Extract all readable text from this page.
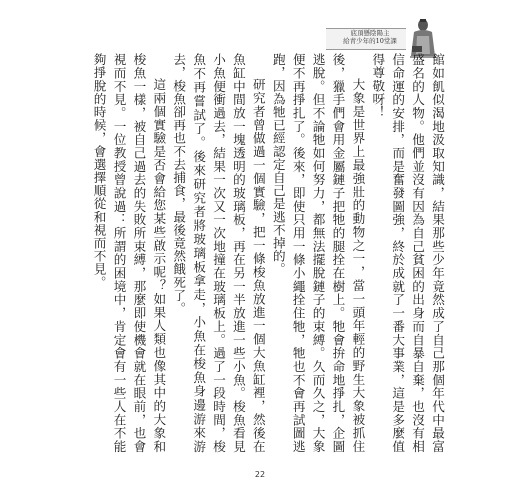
底頂懸陰陽主
給青少年的10堂課

館如飢似渴地汲取知識，結果那些少年竟然成了自己那個年代中最富盛名的人物。他們並沒有因為自己貧困的出身而自暴自棄，也沒有相信命運的安排，而是奮發圖強，終於成就了一番大事業，這是多麼值得尊敬呀！

大象是世界上最強壯的動物之一，當一頭年輕的野生大象被抓住後，獵手們會用金屬鏈子把牠的腿拴在樹上。牠會拚命地掙扎，企圖逃脫。但不論牠如何努力，都無法擺脫鏈子的束縛。久而久之，大象便不再掙扎了。後來，即使只用一條小繩拴住牠，牠也不會再試圖逃跑，因為牠已經認定自己是逃不掉的。

研究者曾做過一個實驗，把一條梭魚放進一個大魚缸裡，然後在魚缸中間放一塊透明的玻璃板，再在另一半放進一些小魚。梭魚看見小魚便衝過去，結果一次又一次地撞在玻璃板上。過了一段時間，梭魚不再嘗試了。後來研究者將玻璃板拿走，小魚在梭魚身邊游來游去，梭魚卻再也不去捕食，最後竟然餓死了。

這兩個實驗是否會給您某些啟示呢？如果人類也像其中的大象和梭魚一樣，被自己過去的失敗所束縛，那麼即使機會就在眼前，也會視而不見。一位教授曾說過：所謂的困境中，肯定會有一些人在不能夠掙脫的時候，會選擇順從和視而不見。

22
